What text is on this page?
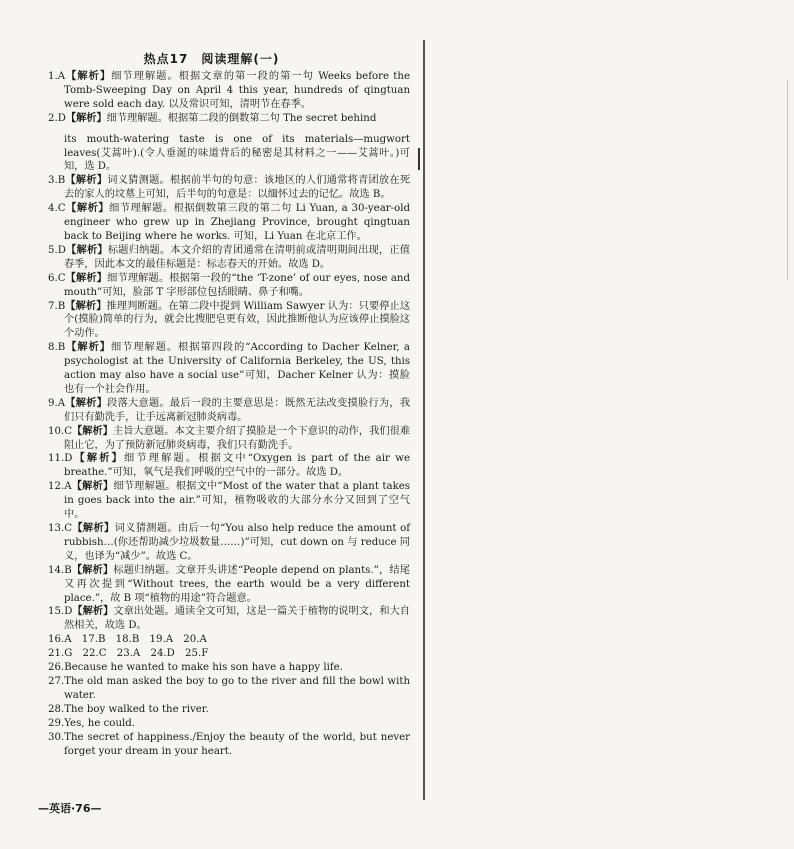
热点17　阅读理解(一)
1.A【解析】细节理解题。根据文章的第一段的第一句 Weeks before the Tomb-Sweeping Day on April 4 this year, hundreds of qingtuan were sold each day. 以及常识可知，清明节在春季。
2.D【解析】细节理解题。根据第二段的倒数第二句 The secret behind
its mouth-watering taste is one of its materials—mugwort leaves(艾蒿叶).(令人垂涎的味道背后的秘密是其材料之一——艾蒿叶。)可知，选 D。
3.B【解析】词义猜测题。根据前半句的句意：该地区的人们通常将青团放在死去的家人的坟墓上可知，后半句的句意是：以缅怀过去的记忆。故选 B。
4.C【解析】细节理解题。根据倒数第三段的第二句 Li Yuan, a 30-year-old engineer who grew up in Zhejiang Province, brought qingtuan back to Beijing where he works. 可知，Li Yuan 在北京工作。
5.D【解析】标题归纳题。本文介绍的青团通常在清明前或清明期间出现，正值春季，因此本文的最佳标题是：标志春天的开始。故选 D。
6.C【解析】细节理解题。根据第一段的“the ‘T-zone’ of our eyes, nose and mouth”可知，脸部 T 字形部位包括眼睛、鼻子和嘴。
7.B【解析】推理判断题。在第二段中提到 William Sawyer 认为：只要停止这个(摸脸)简单的行为，就会比搜肥皂更有效，因此推断他认为应该停止摸脸这个动作。
8.B【解析】细节理解题。根据第四段的“According to Dacher Kelner, a psychologist at the University of California Berkeley, the US, this action may also have a social use”可知，Dacher Kelner 认为：摸脸也有一个社会作用。
9.A【解析】段落大意题。最后一段的主要意思是：既然无法改变摸脸行为，我们只有勤洗手，让手远离新冠肺炎病毒。
10.C【解析】主旨大意题。本文主要介绍了摸脸是一个下意识的动作，我们很难阻止它，为了预防新冠肺炎病毒，我们只有勤洗手。
11.D【解析】细节理解题。根据文中“Oxygen is part of the air we breathe.”可知，氧气是我们呼吸的空气中的一部分。故选 D。
12.A【解析】细节理解题。根据文中“Most of the water that a plant takes in goes back into the air.”可知，植物吸收的大部分水分又回到了空气中。
13.C【解析】词义猜测题。由后一句“You also help reduce the amount of rubbish…(你还帮助减少垃圾数量……)”可知，cut down on 与 reduce 同义，也译为“减少”。故选 C。
14.B【解析】标题归纳题。文章开头讲述“People depend on plants.”，结尾又再次提到“Without trees, the earth would be a very different place.”，故 B 项“植物的用途”符合题意。
15.D【解析】文章出处题。通读全文可知，这是一篇关于植物的说明文，和大自然相关，故选 D。
16.A　17.B　18.B　19.A　20.A
21.G　22.C　23.A　24.D　25.F
26.Because he wanted to make his son have a happy life.
27.The old man asked the boy to go to the river and fill the bowl with water.
28.The boy walked to the river.
29.Yes, he could.
30.The secret of happiness./Enjoy the beauty of the world, but never forget your dream in your heart.
—英语·76—
